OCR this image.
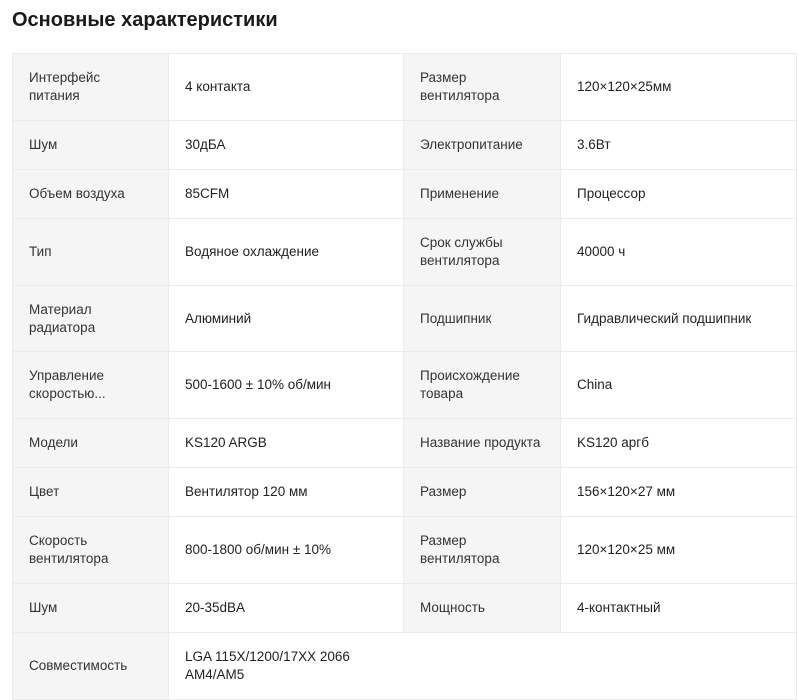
Основные характеристики
Интерфейс питания	4 контакта	Размер вентилятора	120×120×25мм
Шум	30дБА	Электропитание	3.6Вт
Объем воздуха	85CFM	Применение	Процессор
Тип	Водяное охлаждение	Срок службы вентилятора	40000 ч
Материал радиатора	Алюминий	Подшипник	Гидравлический подшипник
Управление скоростью...	500-1600 ± 10% об/мин	Происхождение товара	China
Модели	KS120 ARGB	Название продукта	KS120 аргб
Цвет	Вентилятор 120 мм	Размер	156×120×27 мм
Скорость вентилятора	800-1800 об/мин ± 10%	Размер вентилятора	120×120×25 мм
Шум	20-35dBA	Мощность	4-контактный
Совместимость	LGA 115X/1200/17XX 2066
AM4/AM5		
